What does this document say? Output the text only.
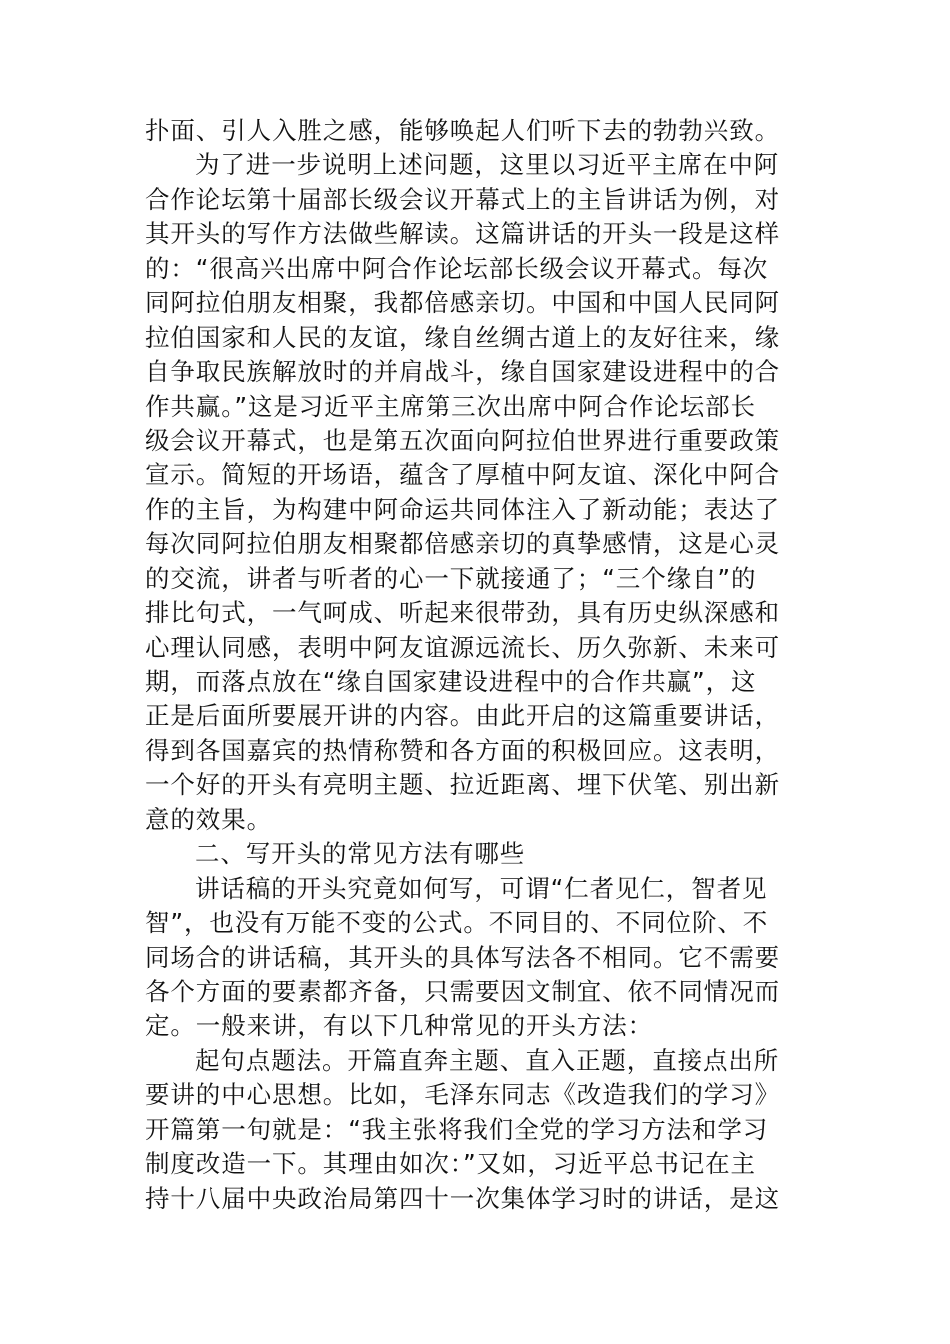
扑面、引人入胜之感，能够唤起人们听下去的勃勃兴致。
为了进一步说明上述问题，这里以习近平主席在中阿
合作论坛第十届部长级会议开幕式上的主旨讲话为例，对
其开头的写作方法做些解读。这篇讲话的开头一段是这样
的：“很高兴出席中阿合作论坛部长级会议开幕式。每次
同阿拉伯朋友相聚，我都倍感亲切。中国和中国人民同阿
拉伯国家和人民的友谊，缘自丝绸古道上的友好往来，缘
自争取民族解放时的并肩战斗，缘自国家建设进程中的合
作共赢。”这是习近平主席第三次出席中阿合作论坛部长
级会议开幕式，也是第五次面向阿拉伯世界进行重要政策
宣示。简短的开场语，蕴含了厚植中阿友谊、深化中阿合
作的主旨，为构建中阿命运共同体注入了新动能；表达了
每次同阿拉伯朋友相聚都倍感亲切的真挚感情，这是心灵
的交流，讲者与听者的心一下就接通了；“三个缘自”的
排比句式，一气呵成、听起来很带劲，具有历史纵深感和
心理认同感，表明中阿友谊源远流长、历久弥新、未来可
期，而落点放在“缘自国家建设进程中的合作共赢”，这
正是后面所要展开讲的内容。由此开启的这篇重要讲话，
得到各国嘉宾的热情称赞和各方面的积极回应。这表明，
一个好的开头有亮明主题、拉近距离、埋下伏笔、别出新
意的效果。
二、写开头的常见方法有哪些
讲话稿的开头究竟如何写，可谓“仁者见仁，智者见
智”，也没有万能不变的公式。不同目的、不同位阶、不
同场合的讲话稿，其开头的具体写法各不相同。它不需要
各个方面的要素都齐备，只需要因文制宜、依不同情况而
定。一般来讲，有以下几种常见的开头方法：
起句点题法。开篇直奔主题、直入正题，直接点出所
要讲的中心思想。比如，毛泽东同志《改造我们的学习》
开篇第一句就是：“我主张将我们全党的学习方法和学习
制度改造一下。其理由如次：”又如，习近平总书记在主
持十八届中央政治局第四十一次集体学习时的讲话，是这
